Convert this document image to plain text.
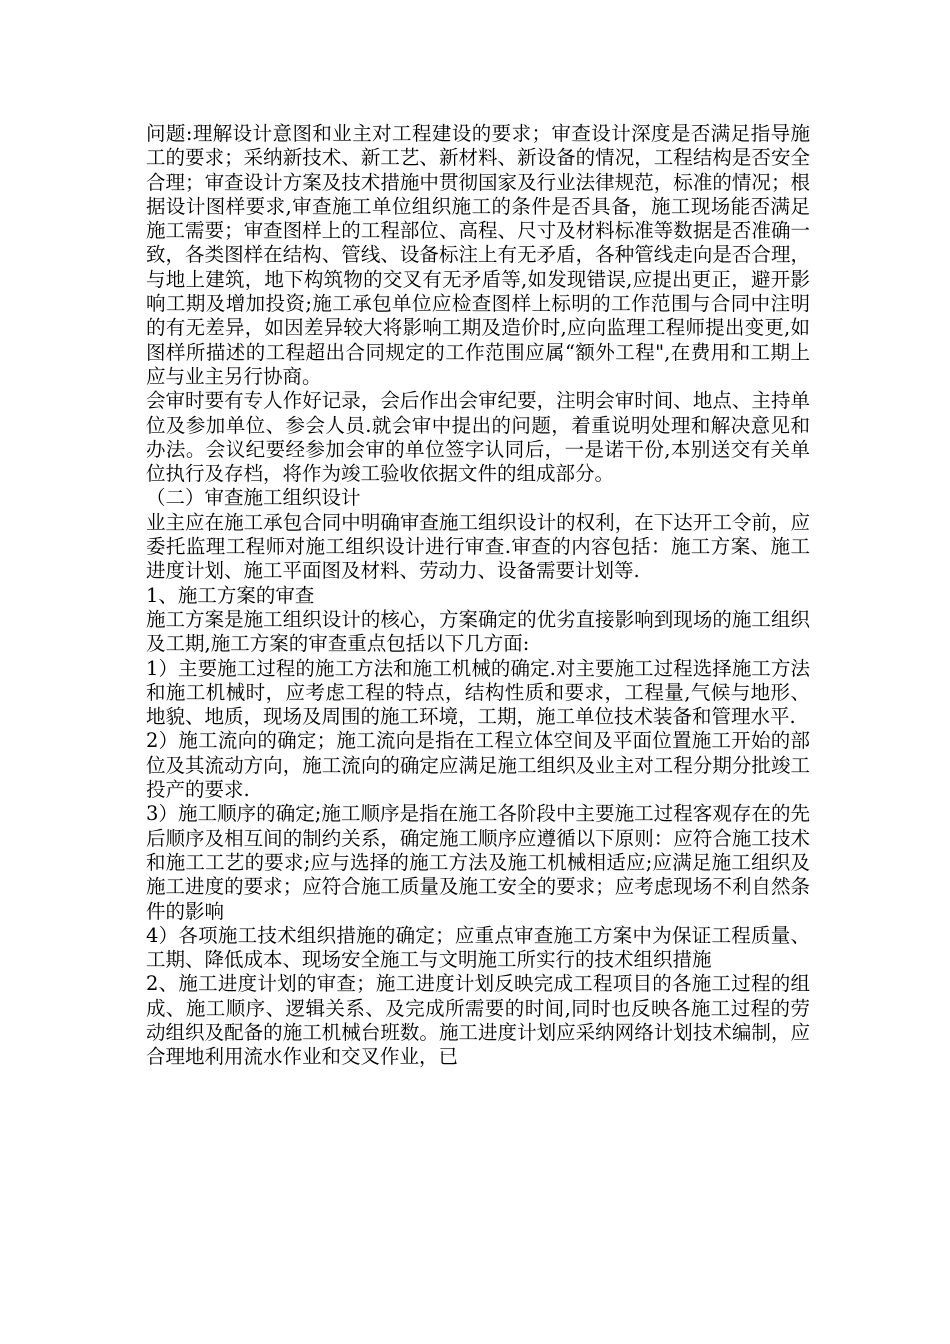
问题:理解设计意图和业主对工程建设的要求；审查设计深度是否满足指导施工的要求；采纳新技术、新工艺、新材料、新设备的情况，工程结构是否安全合理；审查设计方案及技术措施中贯彻国家及行业法律规范，标准的情况；根据设计图样要求,审查施工单位组织施工的条件是否具备，施工现场能否满足施工需要；审查图样上的工程部位、高程、尺寸及材料标准等数据是否准确一致，各类图样在结构、管线、设备标注上有无矛盾，各种管线走向是否合理，与地上建筑，地下构筑物的交叉有无矛盾等,如发现错误,应提出更正，避开影响工期及增加投资;施工承包单位应检查图样上标明的工作范围与合同中注明的有无差异，如因差异较大将影响工期及造价时,应向监理工程师提出变更,如图样所描述的工程超出合同规定的工作范围应属“额外工程",在费用和工期上应与业主另行协商。

会审时要有专人作好记录，会后作出会审纪要，注明会审时间、地点、主持单位及参加单位、参会人员.就会审中提出的问题，着重说明处理和解决意见和办法。会议纪要经参加会审的单位签字认同后，一是诺干份,本别送交有关单位执行及存档，将作为竣工验收依据文件的组成部分。

（二）审查施工组织设计

业主应在施工承包合同中明确审查施工组织设计的权利，在下达开工令前，应委托监理工程师对施工组织设计进行审查.审查的内容包括：施工方案、施工进度计划、施工平面图及材料、劳动力、设备需要计划等.

1、施工方案的审查

施工方案是施工组织设计的核心，方案确定的优劣直接影响到现场的施工组织及工期,施工方案的审查重点包括以下几方面:

1）主要施工过程的施工方法和施工机械的确定.对主要施工过程选择施工方法和施工机械时，应考虑工程的特点，结构性质和要求，工程量,气候与地形、地貌、地质，现场及周围的施工环境，工期，施工单位技术装备和管理水平.

2）施工流向的确定；施工流向是指在工程立体空间及平面位置施工开始的部位及其流动方向，施工流向的确定应满足施工组织及业主对工程分期分批竣工投产的要求.

3）施工顺序的确定;施工顺序是指在施工各阶段中主要施工过程客观存在的先后顺序及相互间的制约关系，确定施工顺序应遵循以下原则：应符合施工技术和施工工艺的要求;应与选择的施工方法及施工机械相适应;应满足施工组织及施工进度的要求；应符合施工质量及施工安全的要求；应考虑现场不利自然条件的影响

4）各项施工技术组织措施的确定；应重点审查施工方案中为保证工程质量、工期、降低成本、现场安全施工与文明施工所实行的技术组织措施

2、施工进度计划的审查；施工进度计划反映完成工程项目的各施工过程的组成、施工顺序、逻辑关系、及完成所需要的时间,同时也反映各施工过程的劳动组织及配备的施工机械台班数。施工进度计划应采纳网络计划技术编制，应合理地利用流水作业和交叉作业，已
